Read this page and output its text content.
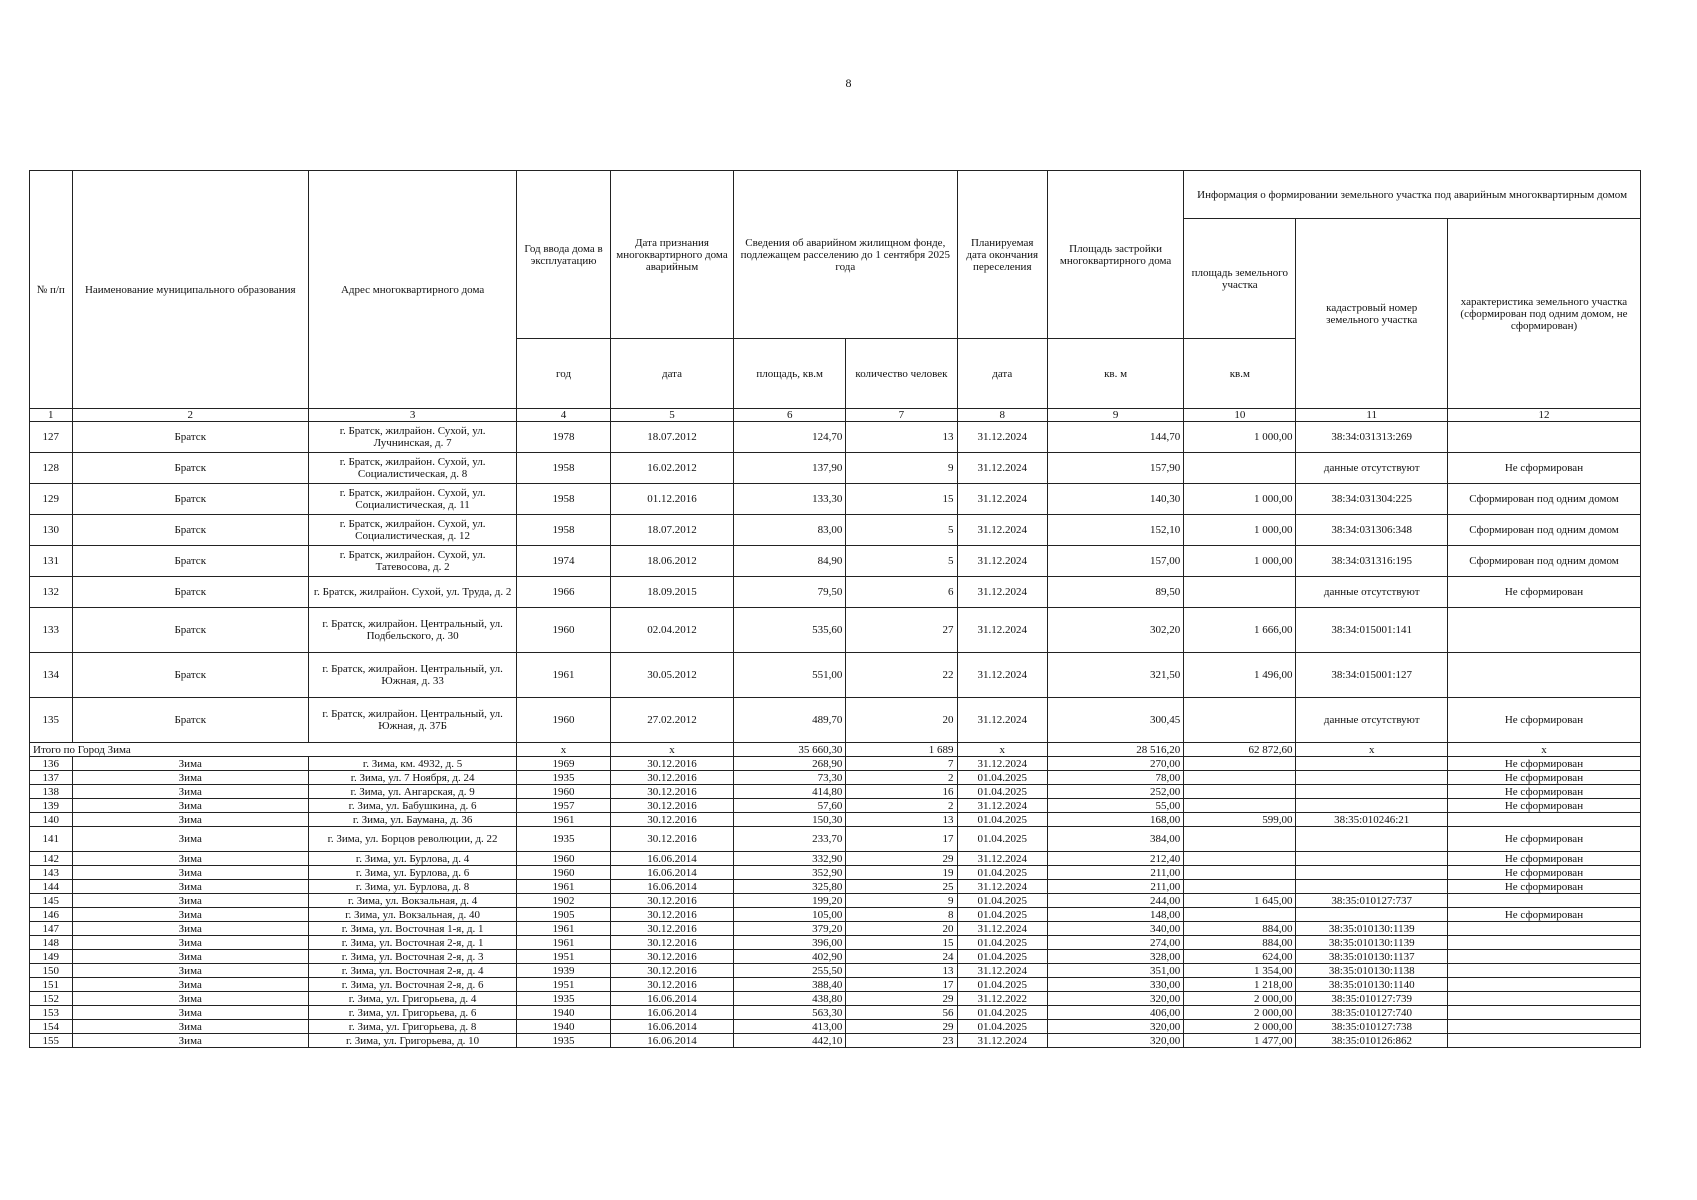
8
№ п/п	Наименование муниципального образования	Адрес многоквартирного дома	Год ввода дома в эксплуатацию	Дата признания многоквартирного дома аварийным	Сведения об аварийном жилищном фонде, подлежащем расселению до 1 сентября 2025 года		Планируемая дата окончания переселения	Площадь застройки многоквартирного дома	Информация о формировании земельного участка под аварийным многоквартирным домом		
									площадь земельного участка	кадастровый номер земельного участка	характеристика земельного участка (сформирован под одним домом, не сформирован)
			год	дата	площадь, кв.м	количество человек	дата	кв. м	кв.м		
1	2	3	4	5	6	7	8	9	10	11	12
127	Братск	г. Братск, жилрайон. Сухой, ул. Лучнинская, д. 7	1978	18.07.2012	124,70	13	31.12.2024	144,70	1 000,00	38:34:031313:269	
128	Братск	г. Братск, жилрайон. Сухой, ул. Социалистическая, д. 8	1958	16.02.2012	137,90	9	31.12.2024	157,90		данные отсутствуют	Не сформирован
129	Братск	г. Братск, жилрайон. Сухой, ул. Социалистическая, д. 11	1958	01.12.2016	133,30	15	31.12.2024	140,30	1 000,00	38:34:031304:225	Сформирован под одним домом
130	Братск	г. Братск, жилрайон. Сухой, ул. Социалистическая, д. 12	1958	18.07.2012	83,00	5	31.12.2024	152,10	1 000,00	38:34:031306:348	Сформирован под одним домом
131	Братск	г. Братск, жилрайон. Сухой, ул. Татевосова, д. 2	1974	18.06.2012	84,90	5	31.12.2024	157,00	1 000,00	38:34:031316:195	Сформирован под одним домом
132	Братск	г. Братск, жилрайон. Сухой, ул. Труда, д. 2	1966	18.09.2015	79,50	6	31.12.2024	89,50		данные отсутствуют	Не сформирован
133	Братск	г. Братск, жилрайон. Центральный, ул. Подбельского, д. 30	1960	02.04.2012	535,60	27	31.12.2024	302,20	1 666,00	38:34:015001:141	
134	Братск	г. Братск, жилрайон. Центральный, ул. Южная, д. 33	1961	30.05.2012	551,00	22	31.12.2024	321,50	1 496,00	38:34:015001:127	
135	Братск	г. Братск, жилрайон. Центральный, ул. Южная, д. 37Б	1960	27.02.2012	489,70	20	31.12.2024	300,45		данные отсутствуют	Не сформирован
Итого по Город Зима			x	x	35 660,30	1 689	x	28 516,20	62 872,60	x	x
136	Зима	г. Зима, км. 4932, д. 5	1969	30.12.2016	268,90	7	31.12.2024	270,00			Не сформирован
137	Зима	г. Зима, ул. 7 Ноября, д. 24	1935	30.12.2016	73,30	2	01.04.2025	78,00			Не сформирован
138	Зима	г. Зима, ул. Ангарская, д. 9	1960	30.12.2016	414,80	16	01.04.2025	252,00			Не сформирован
139	Зима	г. Зима, ул. Бабушкина, д. 6	1957	30.12.2016	57,60	2	31.12.2024	55,00			Не сформирован
140	Зима	г. Зима, ул. Баумана, д. 36	1961	30.12.2016	150,30	13	01.04.2025	168,00	599,00	38:35:010246:21	
141	Зима	г. Зима, ул. Борцов революции, д. 22	1935	30.12.2016	233,70	17	01.04.2025	384,00			Не сформирован
142	Зима	г. Зима, ул. Бурлова, д. 4	1960	16.06.2014	332,90	29	31.12.2024	212,40			Не сформирован
143	Зима	г. Зима, ул. Бурлова, д. 6	1960	16.06.2014	352,90	19	01.04.2025	211,00			Не сформирован
144	Зима	г. Зима, ул. Бурлова, д. 8	1961	16.06.2014	325,80	25	31.12.2024	211,00			Не сформирован
145	Зима	г. Зима, ул. Вокзальная, д. 4	1902	30.12.2016	199,20	9	01.04.2025	244,00	1 645,00	38:35:010127:737	
146	Зима	г. Зима, ул. Вокзальная, д. 40	1905	30.12.2016	105,00	8	01.04.2025	148,00			Не сформирован
147	Зима	г. Зима, ул. Восточная 1-я, д. 1	1961	30.12.2016	379,20	20	31.12.2024	340,00	884,00	38:35:010130:1139	
148	Зима	г. Зима, ул. Восточная 2-я, д. 1	1961	30.12.2016	396,00	15	01.04.2025	274,00	884,00	38:35:010130:1139	
149	Зима	г. Зима, ул. Восточная 2-я, д. 3	1951	30.12.2016	402,90	24	01.04.2025	328,00	624,00	38:35:010130:1137	
150	Зима	г. Зима, ул. Восточная 2-я, д. 4	1939	30.12.2016	255,50	13	31.12.2024	351,00	1 354,00	38:35:010130:1138	
151	Зима	г. Зима, ул. Восточная 2-я, д. 6	1951	30.12.2016	388,40	17	01.04.2025	330,00	1 218,00	38:35:010130:1140	
152	Зима	г. Зима, ул. Григорьева, д. 4	1935	16.06.2014	438,80	29	31.12.2022	320,00	2 000,00	38:35:010127:739	
153	Зима	г. Зима, ул. Григорьева, д. 6	1940	16.06.2014	563,30	56	01.04.2025	406,00	2 000,00	38:35:010127:740	
154	Зима	г. Зима, ул. Григорьева, д. 8	1940	16.06.2014	413,00	29	01.04.2025	320,00	2 000,00	38:35:010127:738	
155	Зима	г. Зима, ул. Григорьева, д. 10	1935	16.06.2014	442,10	23	31.12.2024	320,00	1 477,00	38:35:010126:862	
